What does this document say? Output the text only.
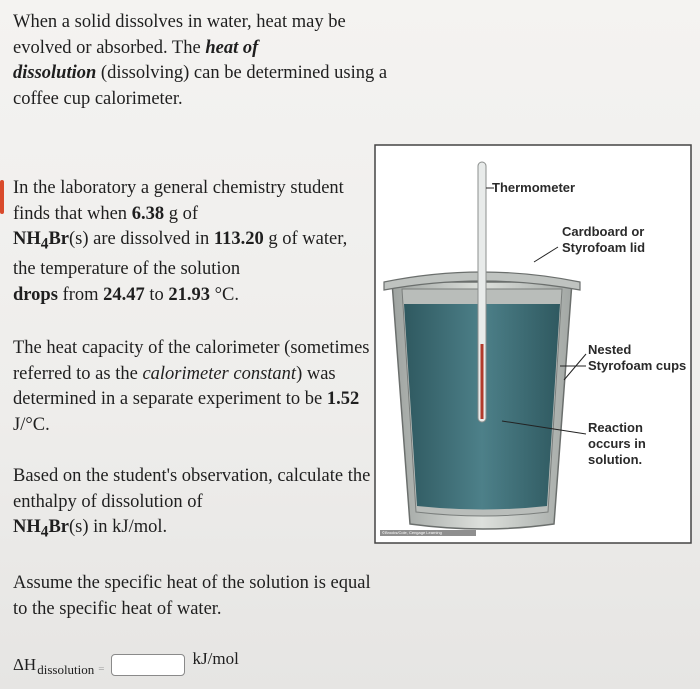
When a solid dissolves in water, heat may be evolved or absorbed. The heat of
dissolution (dissolving) can be determined using a coffee cup calorimeter.

In the laboratory a general chemistry student finds that when 6.38 g of
$NH_4Br(s)$ are dissolved in 113.20 g of water, the temperature of the solution
drops from 24.47 to 21.93 °C.

The heat capacity of the calorimeter (sometimes referred to as the calorimeter constant) was determined in a separate experiment to be 1.52 J/°C.

Based on the student's observation, calculate the enthalpy of dissolution of
$NH_4Br(s)$ in kJ/mol.

Assume the specific heat of the solution is equal to the specific heat of water.

ΔH dissolution =
kJ/mol
Thermometer
Cardboard or
Styrofoam lid
Nested
Styrofoam cups
Reaction
occurs in
solution.
©Brooks/Cole, Cengage Learning
